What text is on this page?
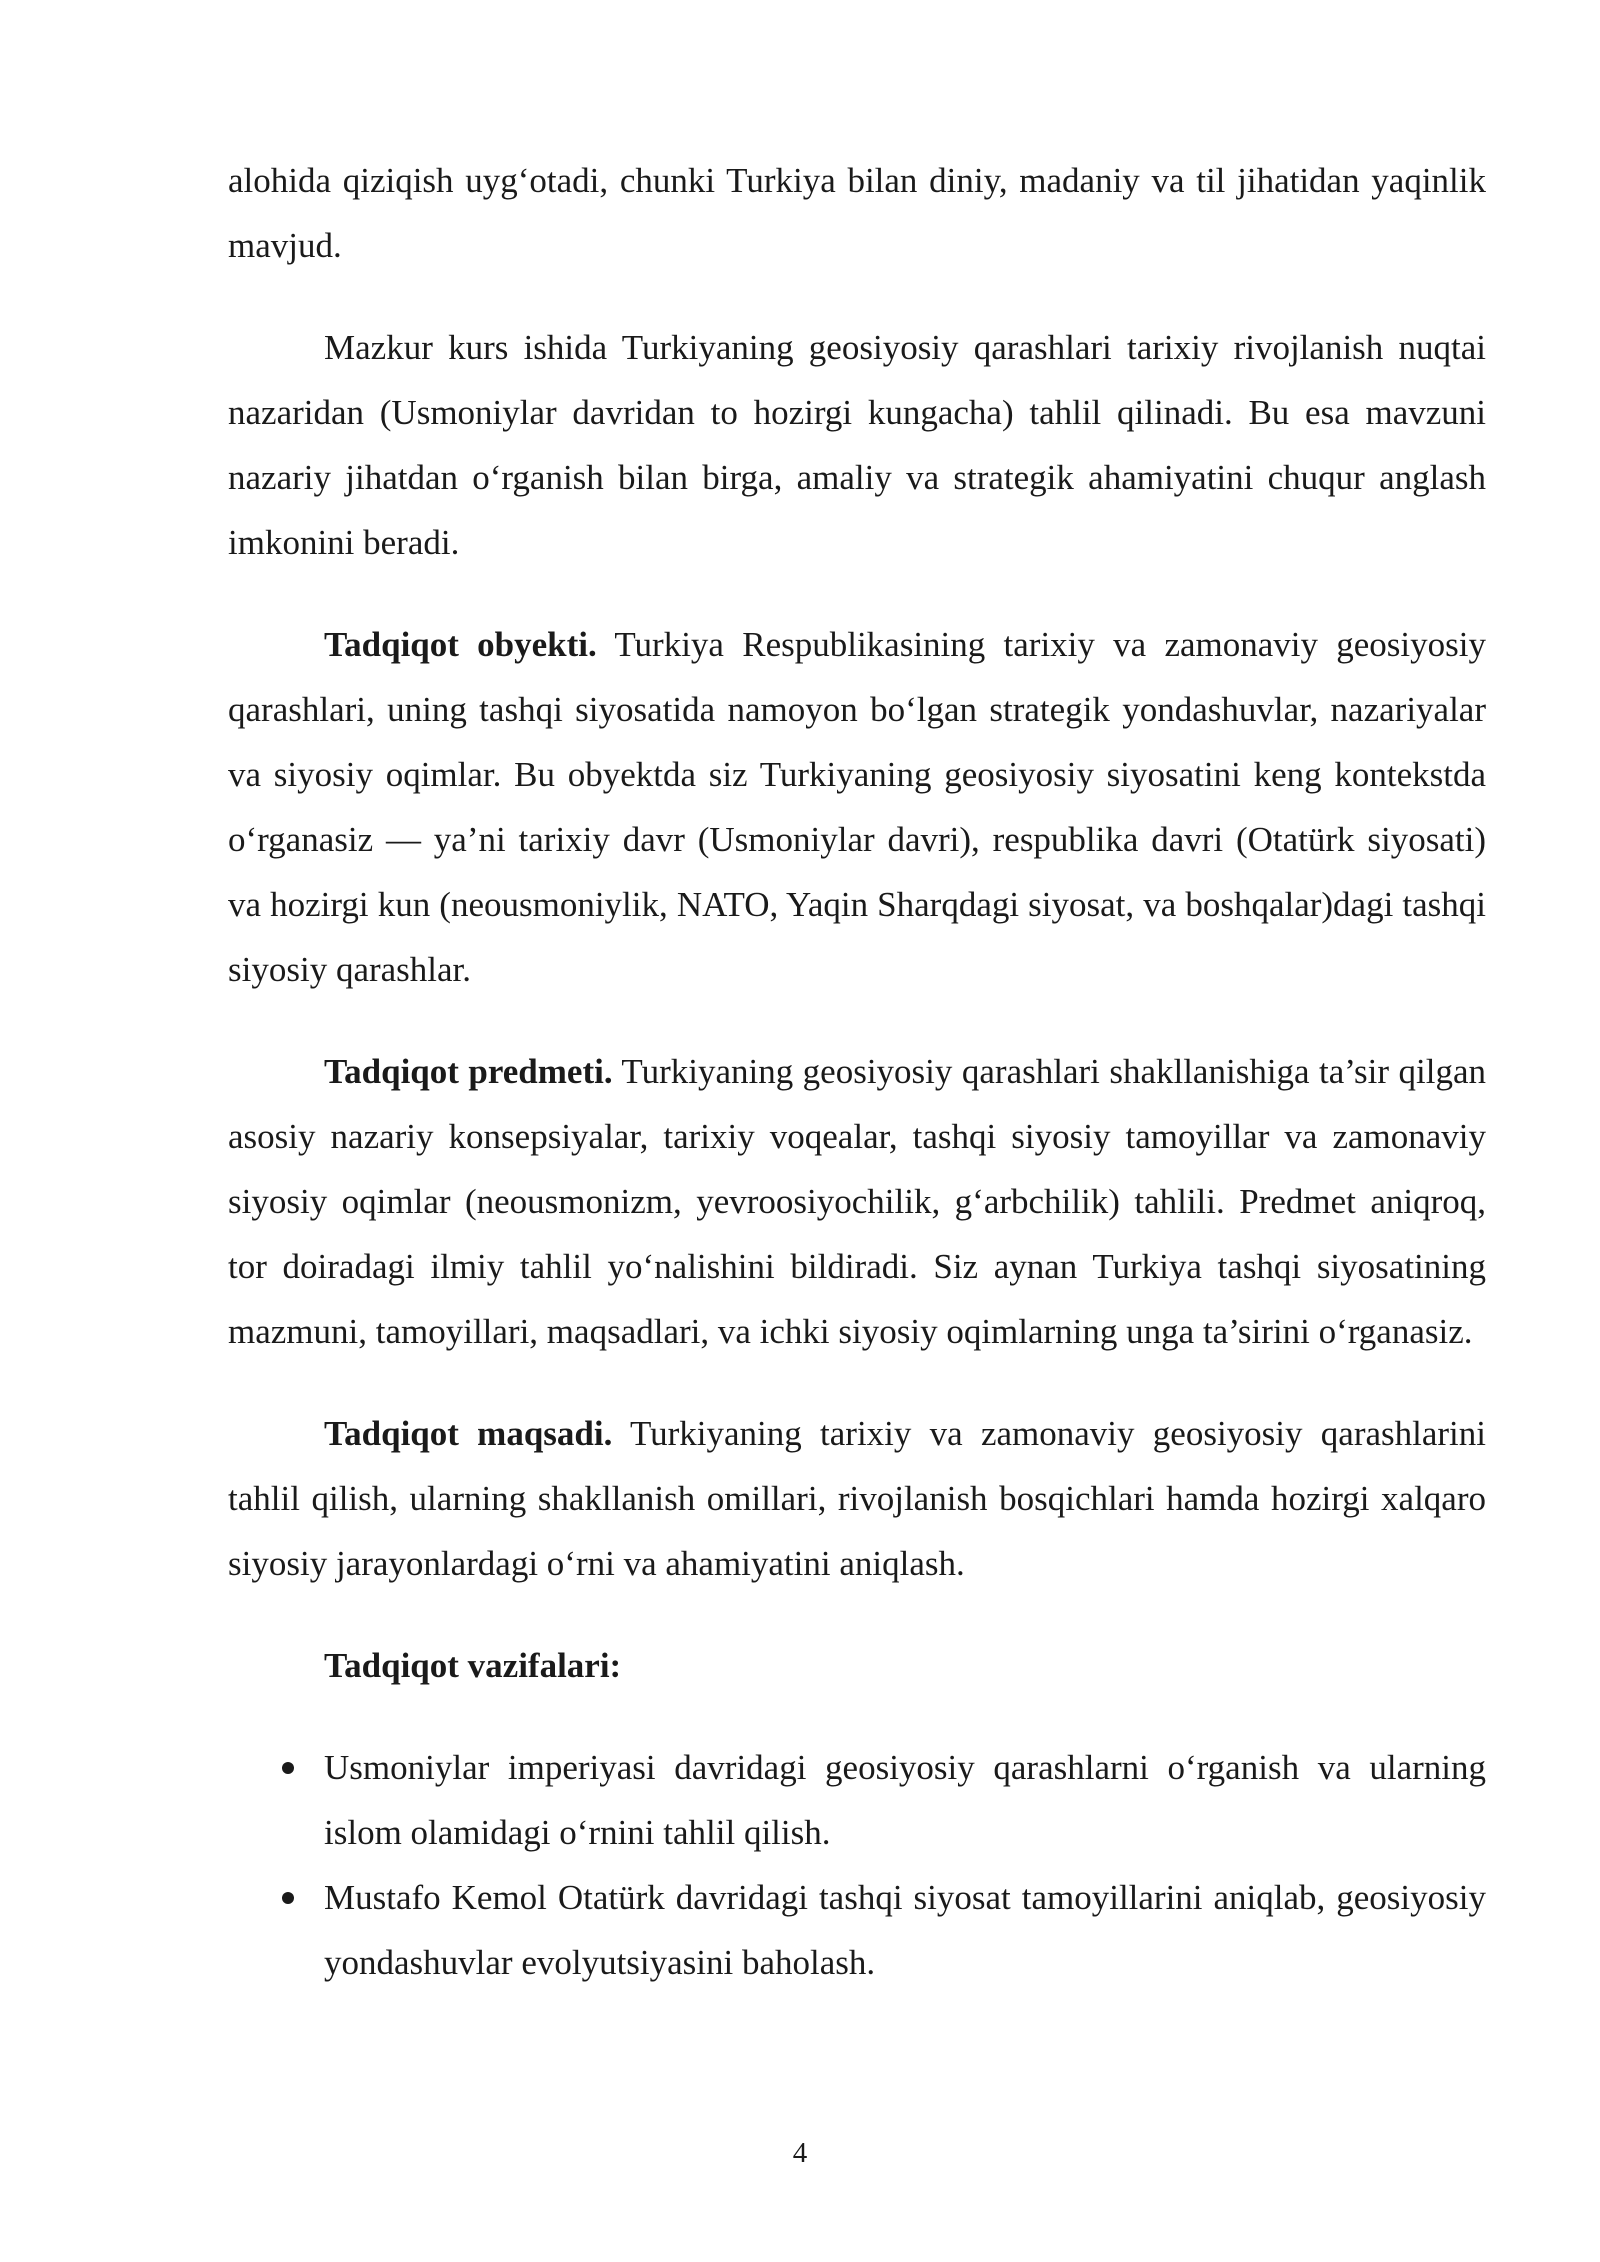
alohida qiziqish uyg‘otadi, chunki Turkiya bilan diniy, madaniy va til jihatidan yaqinlik mavjud.

Mazkur kurs ishida Turkiyaning geosiyosiy qarashlari tarixiy rivojlanish nuqtai nazaridan (Usmoniylar davridan to hozirgi kungacha) tahlil qilinadi. Bu esa mavzuni nazariy jihatdan o‘rganish bilan birga, amaliy va strategik ahamiyatini chuqur anglash imkonini beradi.

Tadqiqot obyekti. Turkiya Respublikasining tarixiy va zamonaviy geosiyosiy qarashlari, uning tashqi siyosatida namoyon bo‘lgan strategik yondashuvlar, nazariyalar va siyosiy oqimlar. Bu obyektda siz Turkiyaning geosiyosiy siyosatini keng kontekstda o‘rganasiz — ya’ni tarixiy davr (Usmoniylar davri), respublika davri (Otatürk siyosati) va hozirgi kun (neousmoniylik, NATO, Yaqin Sharqdagi siyosat, va boshqalar)dagi tashqi siyosiy qarashlar.

Tadqiqot predmeti. Turkiyaning geosiyosiy qarashlari shakllanishiga ta’sir qilgan asosiy nazariy konsepsiyalar, tarixiy voqealar, tashqi siyosiy tamoyillar va zamonaviy siyosiy oqimlar (neousmonizm, yevroosiyochilik, g‘arbchilik) tahlili. Predmet aniqroq, tor doiradagi ilmiy tahlil yo‘nalishini bildiradi. Siz aynan Turkiya tashqi siyosatining mazmuni, tamoyillari, maqsadlari, va ichki siyosiy oqimlarning unga ta’sirini o‘rganasiz.

Tadqiqot maqsadi. Turkiyaning tarixiy va zamonaviy geosiyosiy qarashlarini tahlil qilish, ularning shakllanish omillari, rivojlanish bosqichlari hamda hozirgi xalqaro siyosiy jarayonlardagi o‘rni va ahamiyatini aniqlash.

Tadqiqot vazifalari:
Usmoniylar imperiyasi davridagi geosiyosiy qarashlarni o‘rganish va ularning islom olamidagi o‘rnini tahlil qilish.
Mustafo Kemol Otatürk davridagi tashqi siyosat tamoyillarini aniqlab, geosiyosiy yondashuvlar evolyutsiyasini baholash.
4
